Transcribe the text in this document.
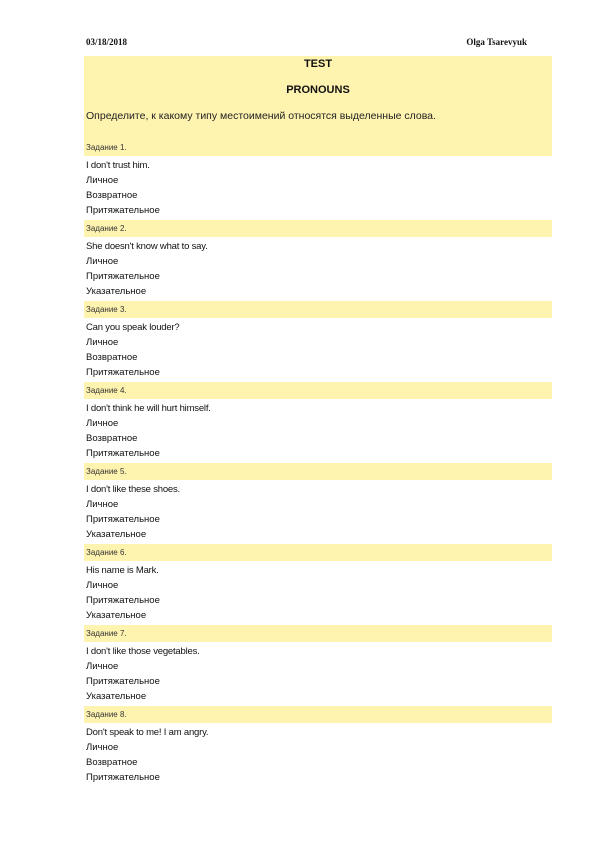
03/18/2018	Olga Tsarevyuk
TEST
PRONOUNS
Определите, к какому типу местоимений относятся выделенные слова.
Задание 1.
I don't trust him.
Личное
Возвратное
Притяжательное
Задание 2.
She doesn't know what to say.
Личное
Притяжательное
Указательное
Задание 3.
Can you speak louder?
Личное
Возвратное
Притяжательное
Задание 4.
I don't think he will hurt himself.
Личное
Возвратное
Притяжательное
Задание 5.
I don't like these shoes.
Личное
Притяжательное
Указательное
Задание 6.
His name is Mark.
Личное
Притяжательное
Указательное
Задание 7.
I don't like those vegetables.
Личное
Притяжательное
Указательное
Задание 8.
Don't speak to me! I am angry.
Личное
Возвратное
Притяжательное
